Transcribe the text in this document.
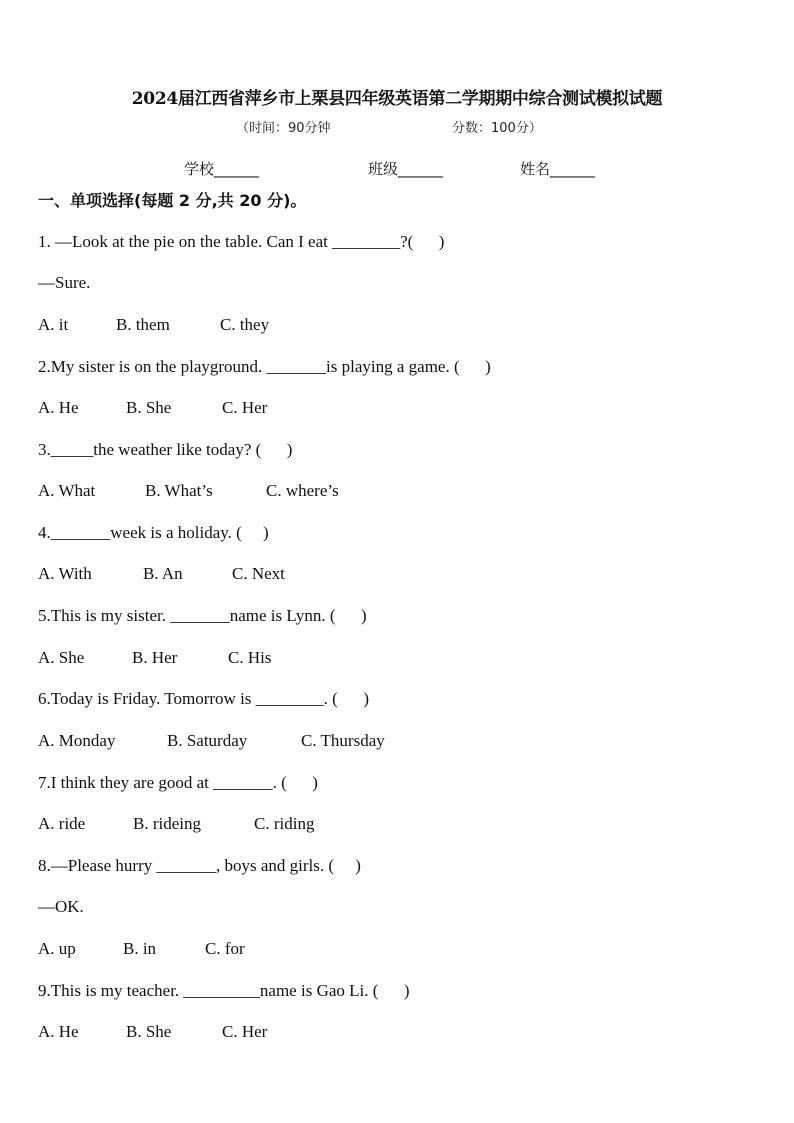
2024届江西省萍乡市上栗县四年级英语第二学期期中综合测试模拟试题
（时间：90分钟	分数：100分）
学校______	班级______	姓名______
一、单项选择(每题 2 分,共 20 分)。
1. —Look at the pie on the table. Can I eat ________?(      )
—Sure.
A. it	B. them	C. they
2.My sister is on the playground. _______is playing a game. (      )
A. He	B. She	C. Her
3._____the weather like today? (      )
A. What	B. What’s	C. where’s
4._______week is a holiday. (     )
A. With	B. An	C. Next
5.This is my sister. _______name is Lynn. (      )
A. She	B. Her	C. His
6.Today is Friday. Tomorrow is ________. (      )
A. Monday	B. Saturday	C. Thursday
7.I think they are good at _______. (      )
A. ride	B. rideing	C. riding
8.—Please hurry _______, boys and girls. (     )
—OK.
A. up	B. in	C. for
9.This is my teacher. _________name is Gao Li. (      )
A. He	B. She	C. Her
